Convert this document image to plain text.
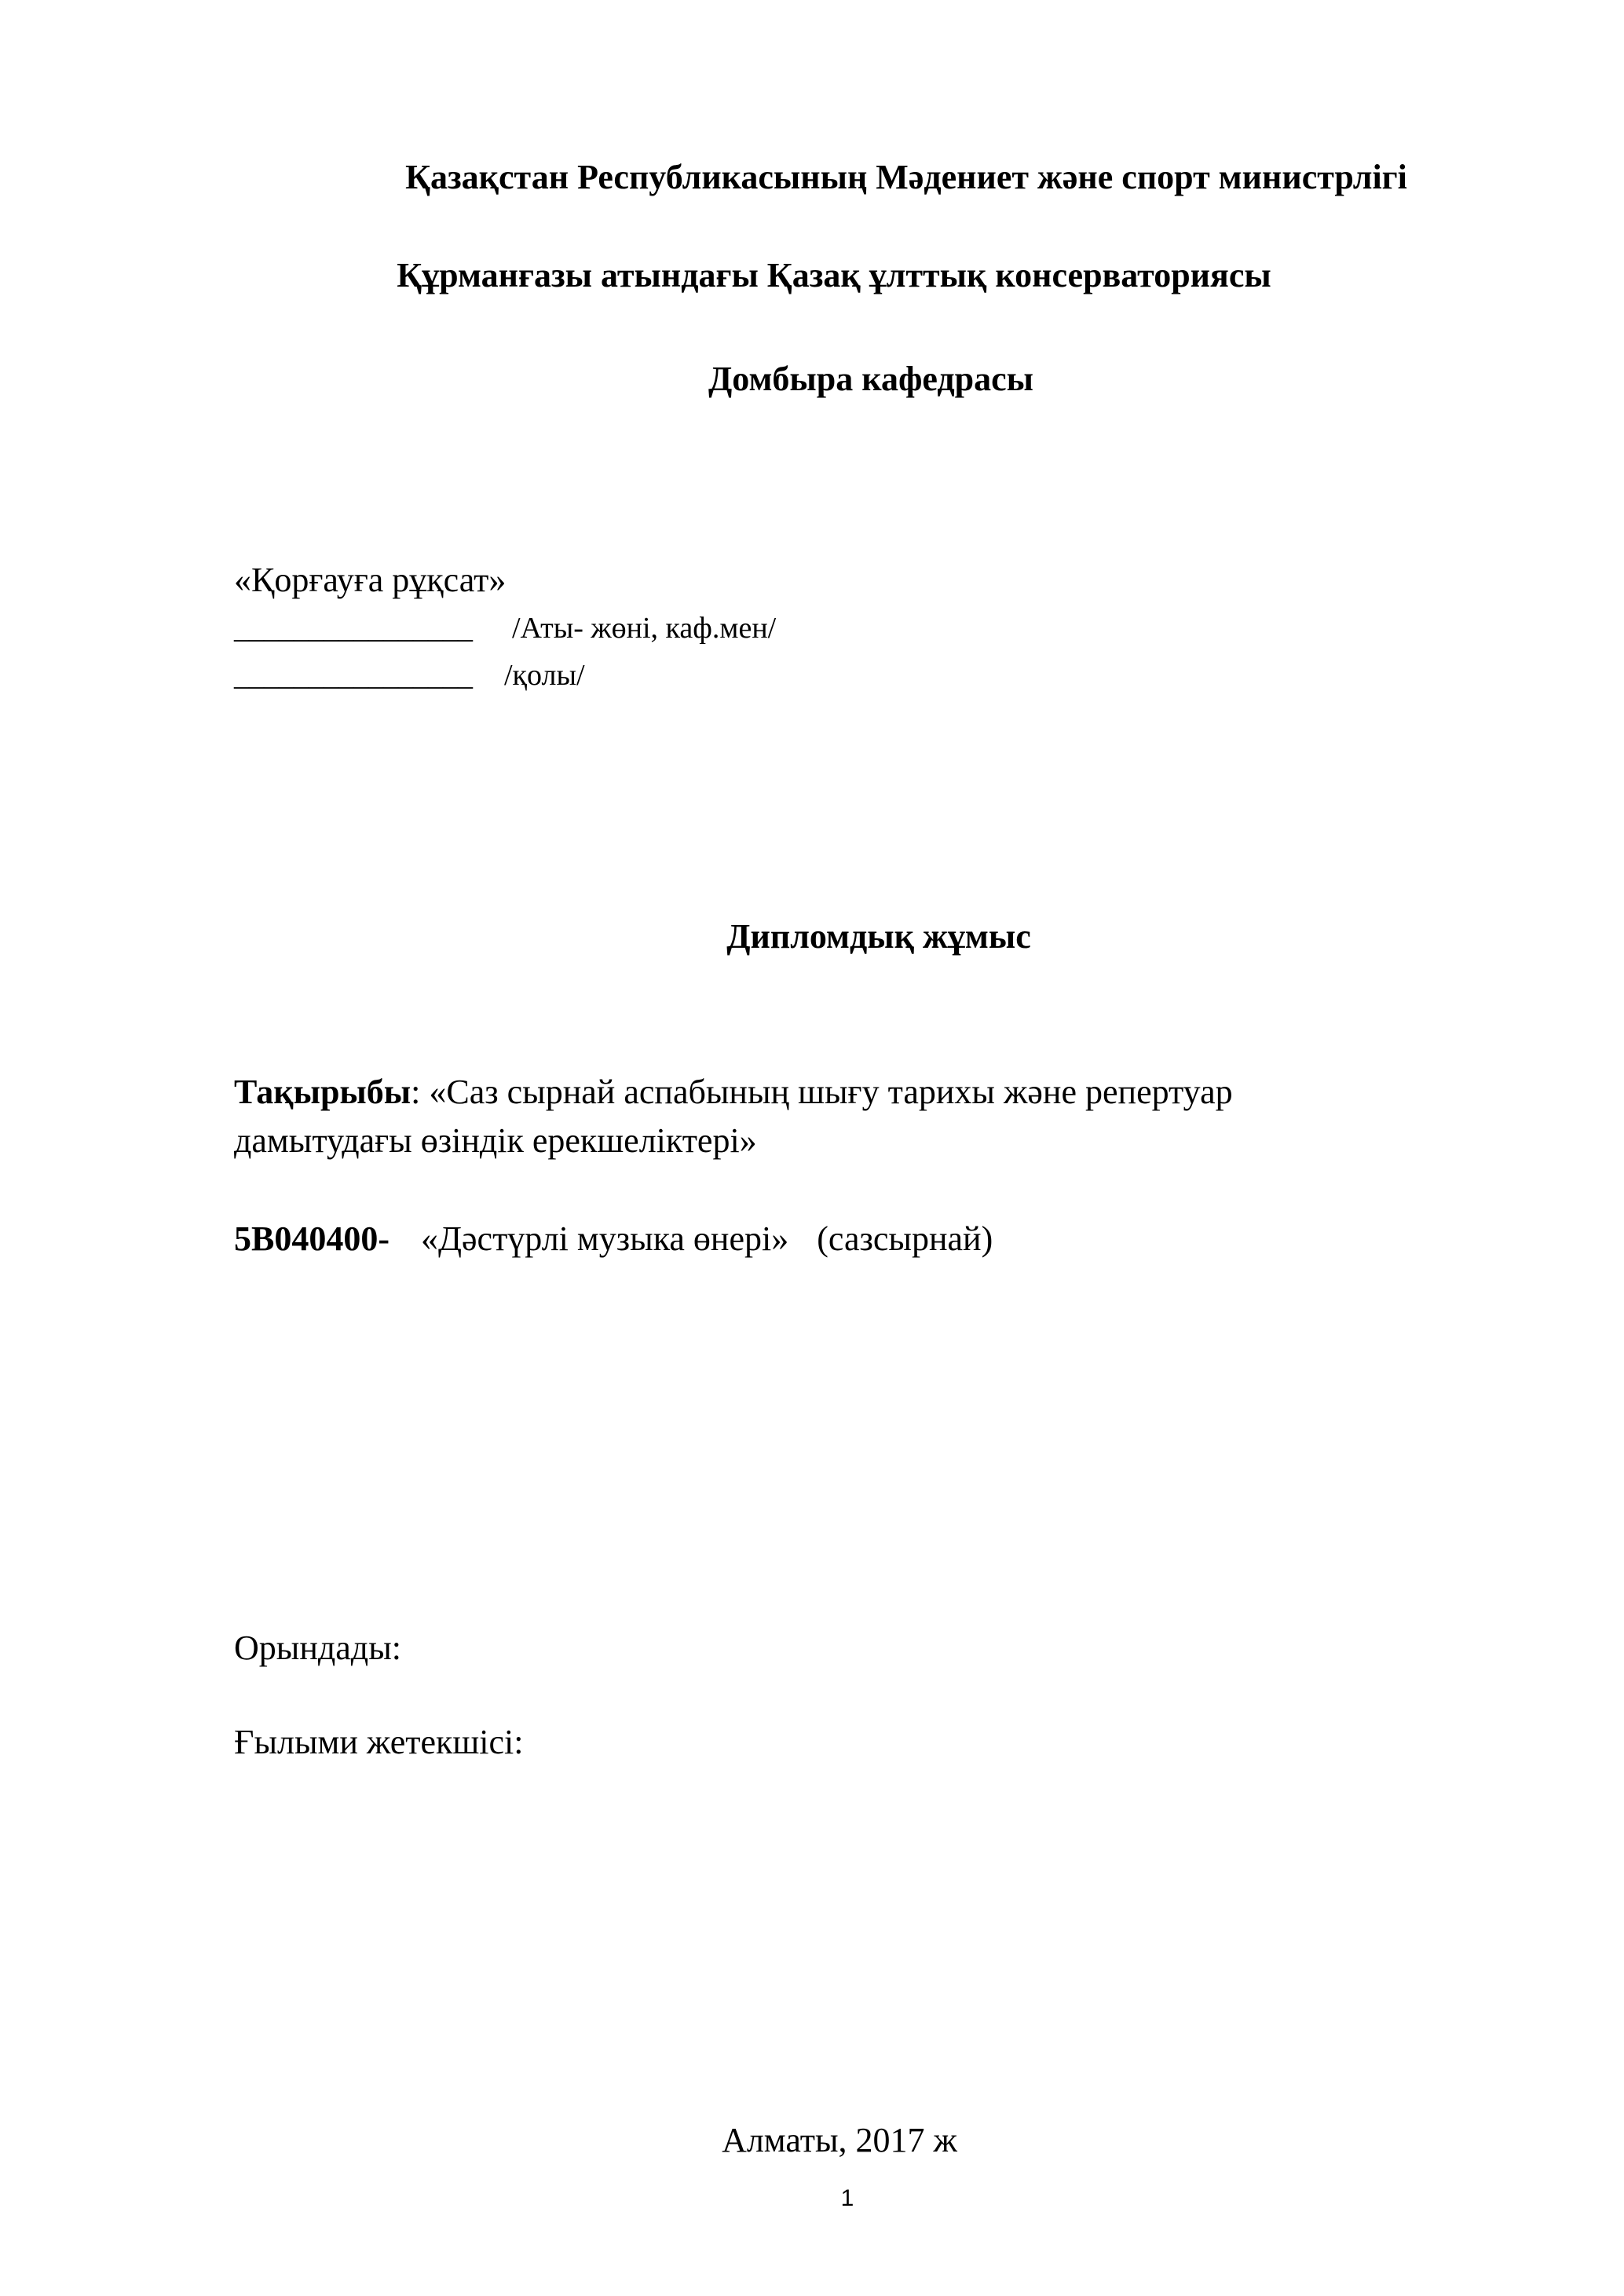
Қазақстан Республикасының Мәдениет және спорт министрлігі
Құрманғазы атындағы Қазақ ұлттық консерваториясы
Домбыра кафедрасы
«Қорғауға рұқсат»
________________ /Аты- жөні, каф.мен/
________________ /қолы/
Дипломдық жұмыс
Тақырыбы: «Саз сырнай аспабының шығу тарихы және репертуар дамытудағы өзіндік ерекшеліктері»
5В040400- «Дәстүрлі музыка өнері» (сазсырнай)
Орындады:
Ғылыми жетекшісі:
Алматы, 2017 ж
1
